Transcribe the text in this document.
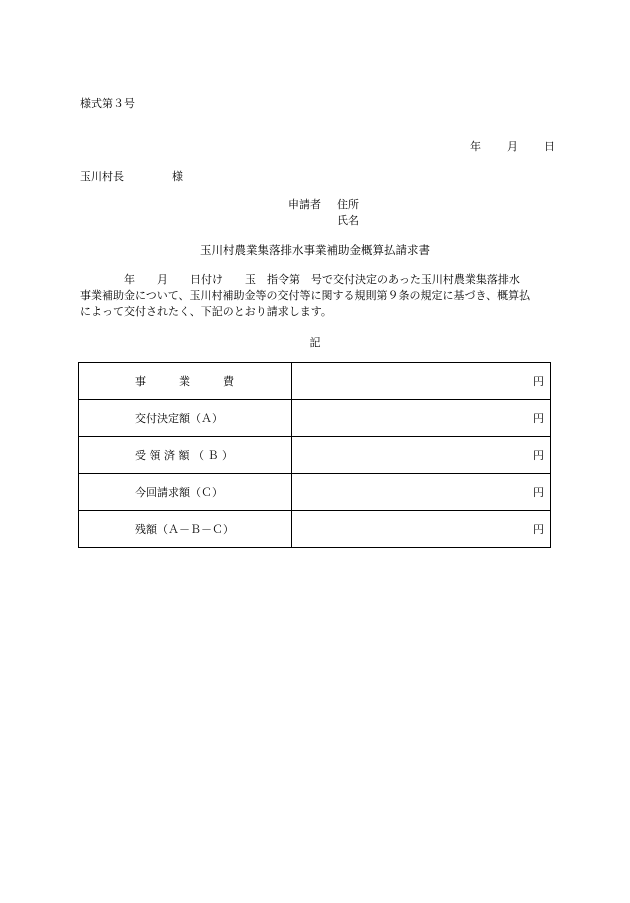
様式第３号
年 月 日
玉川村長	様
申請者 住所
氏名
玉川村農業集落排水事業補助金概算払請求書
年 月 日付け 玉 指令第 号で交付決定のあった玉川村農業集落排水
事業補助金について、玉川村補助金等の交付等に関する規則第９条の規定に基づき、概算払
によって交付されたく、下記のとおり請求します。
記
事　　　業　　　費	円
交付決定額（Ａ）	円
受 領 済 額 （ Ｂ ）	円
今回請求額（Ｃ）	円
残額（Ａ－Ｂ－Ｃ）	円
